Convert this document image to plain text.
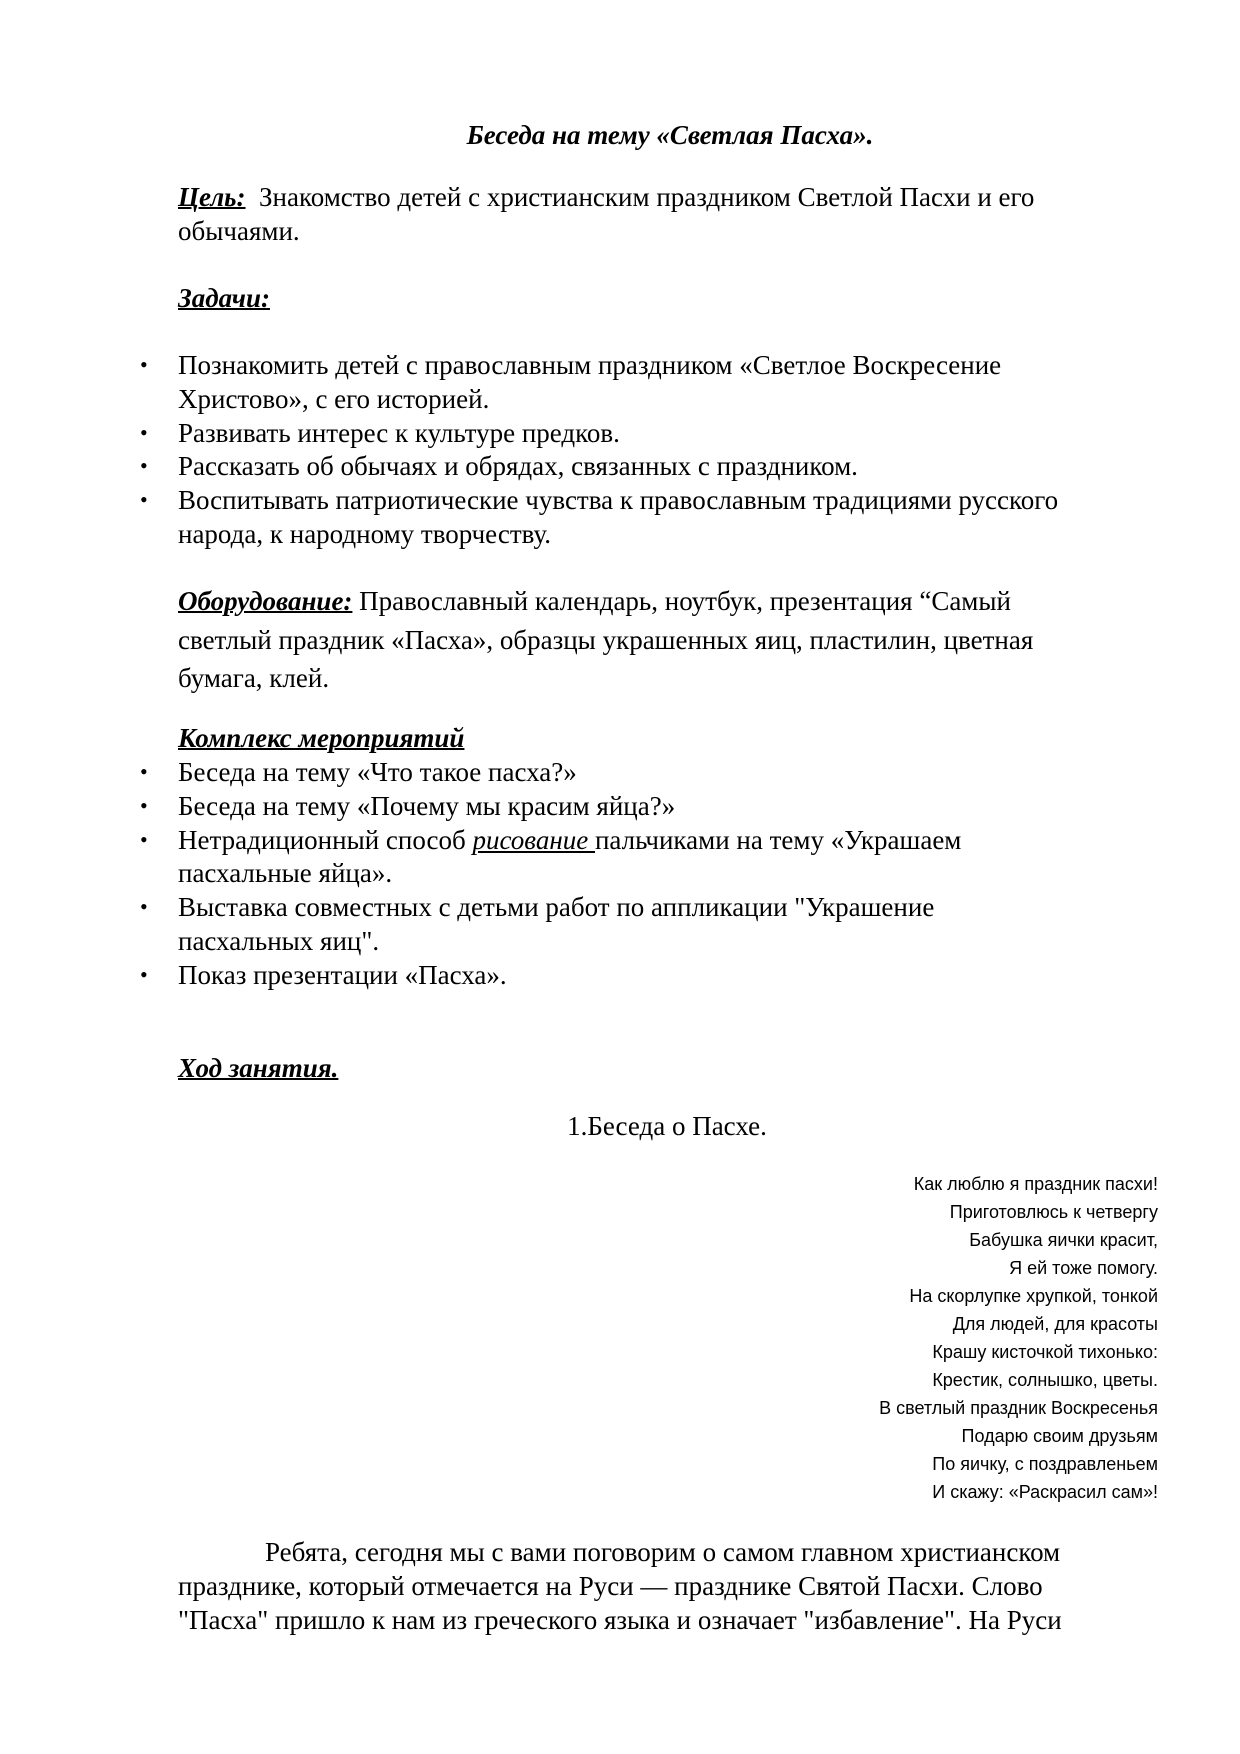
Беседа на тему «Светлая Пасха».
Цель: Знакомство детей с христианским праздником Светлой Пасхи и его
обычаями.
Задачи:
• Познакомить детей с православным праздником «Светлое Воскресение
Христово», с его историей.
• Развивать интерес к культуре предков.
• Рассказать об обычаях и обрядах, связанных с праздником.
• Воспитывать патриотические чувства к православным традициями русского
народа, к народному творчеству.
Оборудование: Православный календарь, ноутбук, презентация “Самый
светлый праздник «Пасха», образцы украшенных яиц, пластилин, цветная
бумага, клей.
Комплекс мероприятий
• Беседа на тему «Что такое пасха?»
• Беседа на тему «Почему мы красим яйца?»
• Нетрадиционный способ рисование пальчиками на тему «Украшаем
пасхальные яйца».
• Выставка совместных с детьми работ по аппликации "Украшение
пасхальных яиц".
• Показ презентации «Пасха».
Ход занятия.
1.Беседа о Пасхе.
Как люблю я праздник пасхи!
Приготовлюсь к четвергу
Бабушка яички красит,
Я ей тоже помогу.
На скорлупке хрупкой, тонкой
Для людей, для красоты
Крашу кисточкой тихонько:
Крестик, солнышко, цветы.
В светлый праздник Воскресенья
Подарю своим друзьям
По яичку, с поздравленьем
И скажу: «Раскрасил сам»!
Ребята, сегодня мы с вами поговорим о самом главном христианском
празднике, который отмечается на Руси — празднике Святой Пасхи. Слово
"Пасха" пришло к нам из греческого языка и означает "избавление". На Руси
